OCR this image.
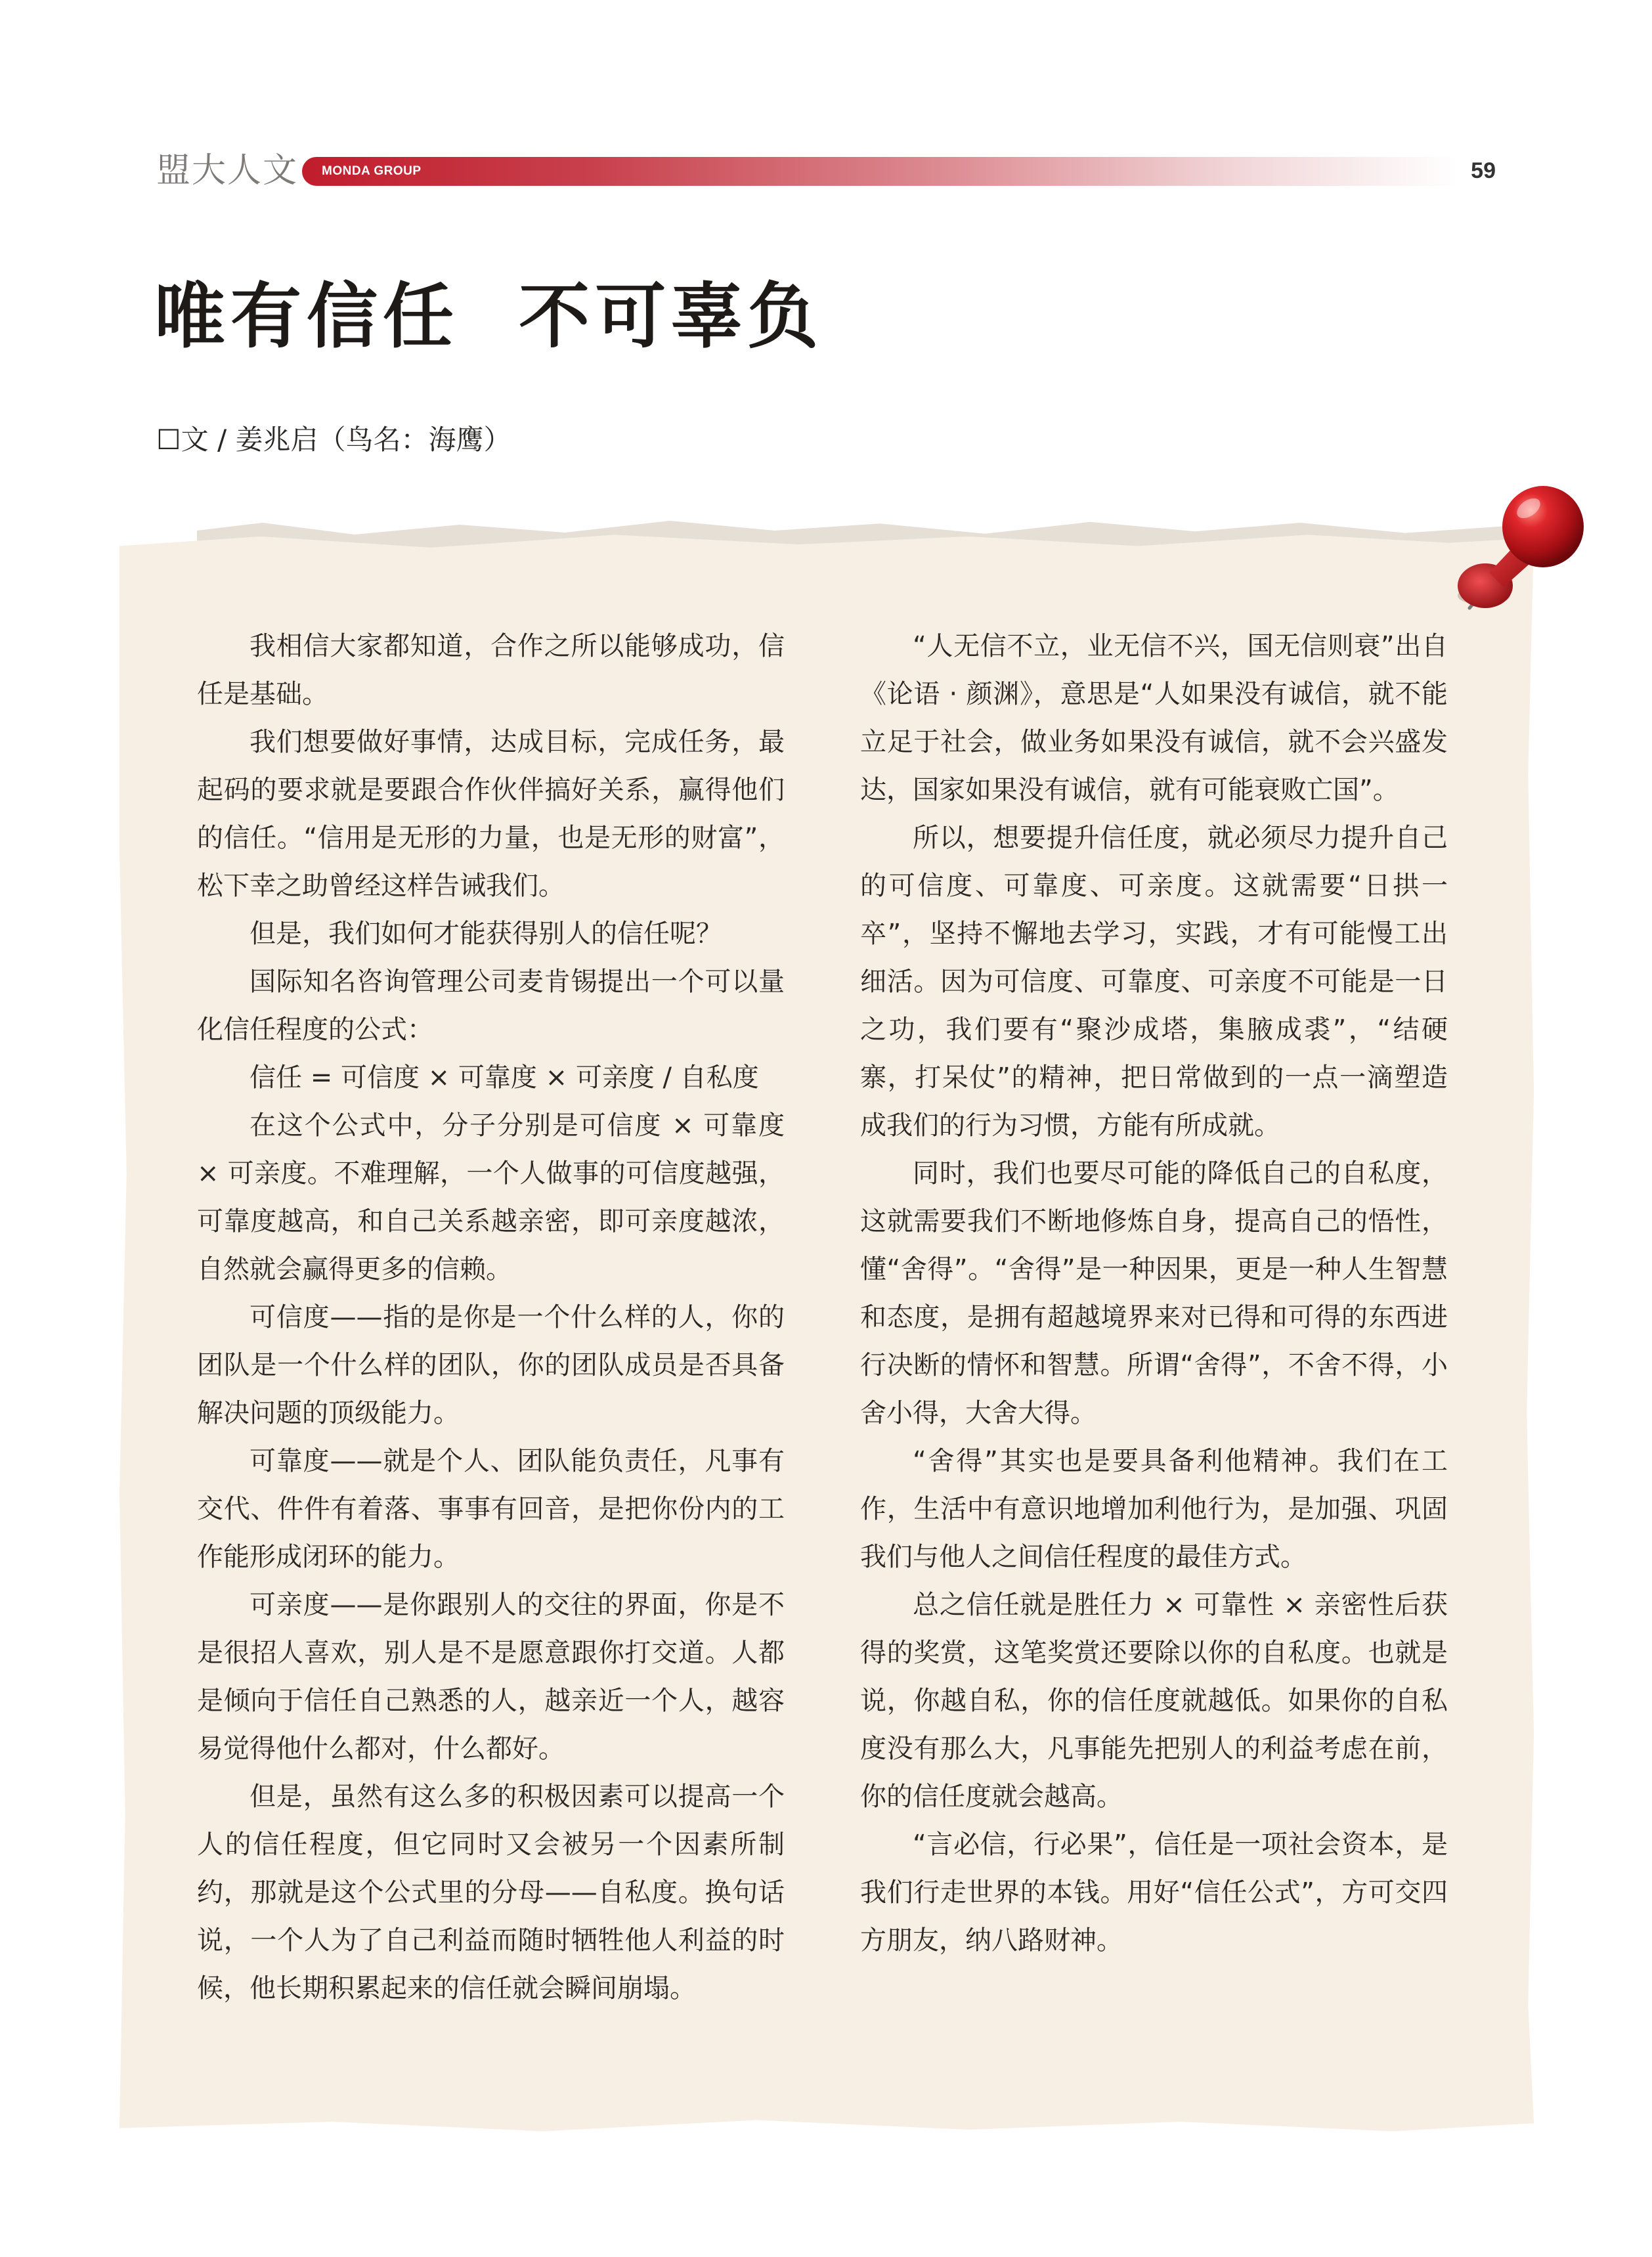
盟大人文 MONDA GROUP	59
唯有信任  不可辜负
☐文 / 姜兆启（鸟名：海鹰）

我相信大家都知道，合作之所以能够成功，信任是基础。

我们想要做好事情，达成目标，完成任务，最起码的要求就是要跟合作伙伴搞好关系，赢得他们的信任。“信用是无形的力量，也是无形的财富”，松下幸之助曾经这样告诫我们。

但是，我们如何才能获得别人的信任呢？

国际知名咨询管理公司麦肯锡提出一个可以量化信任程度的公式：

信任 = 可信度 × 可靠度 × 可亲度 / 自私度

在这个公式中，分子分别是可信度 × 可靠度 × 可亲度。不难理解，一个人做事的可信度越强，可靠度越高，和自己关系越亲密，即可亲度越浓，自然就会赢得更多的信赖。

可信度——指的是你是一个什么样的人，你的团队是一个什么样的团队，你的团队成员是否具备解决问题的顶级能力。

可靠度——就是个人、团队能负责任，凡事有交代、件件有着落、事事有回音，是把你份内的工作能形成闭环的能力。

可亲度——是你跟别人的交往的界面，你是不是很招人喜欢，别人是不是愿意跟你打交道。人都是倾向于信任自己熟悉的人，越亲近一个人，越容易觉得他什么都对，什么都好。

但是，虽然有这么多的积极因素可以提高一个人的信任程度，但它同时又会被另一个因素所制约，那就是这个公式里的分母——自私度。换句话说，一个人为了自己利益而随时牺牲他人利益的时候，他长期积累起来的信任就会瞬间崩塌。

“人无信不立，业无信不兴，国无信则衰”出自《论语 · 颜渊》，意思是“人如果没有诚信，就不能立足于社会，做业务如果没有诚信，就不会兴盛发达，国家如果没有诚信，就有可能衰败亡国”。

所以，想要提升信任度，就必须尽力提升自己的可信度、可靠度、可亲度。这就需要“日拱一卒”，坚持不懈地去学习，实践，才有可能慢工出细活。因为可信度、可靠度、可亲度不可能是一日之功，我们要有“聚沙成塔，集腋成裘”，“结硬寨，打呆仗”的精神，把日常做到的一点一滴塑造成我们的行为习惯，方能有所成就。

同时，我们也要尽可能的降低自己的自私度，这就需要我们不断地修炼自身，提高自己的悟性，懂“舍得”。“舍得”是一种因果，更是一种人生智慧和态度，是拥有超越境界来对已得和可得的东西进行决断的情怀和智慧。所谓“舍得”，不舍不得，小舍小得，大舍大得。

“舍得”其实也是要具备利他精神。我们在工作，生活中有意识地增加利他行为，是加强、巩固我们与他人之间信任程度的最佳方式。

总之信任就是胜任力 × 可靠性 × 亲密性后获得的奖赏，这笔奖赏还要除以你的自私度。也就是说，你越自私，你的信任度就越低。如果你的自私度没有那么大，凡事能先把别人的利益考虑在前，你的信任度就会越高。

“言必信，行必果”，信任是一项社会资本，是我们行走世界的本钱。用好“信任公式”，方可交四方朋友，纳八路财神。
